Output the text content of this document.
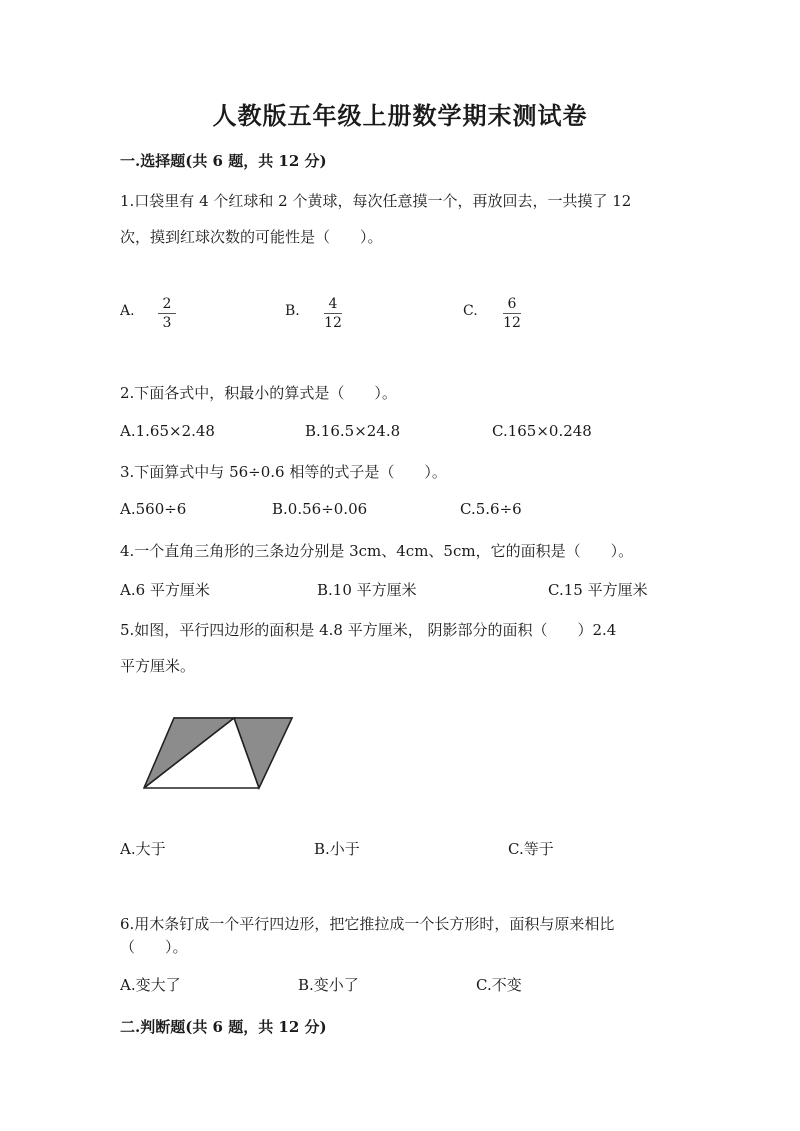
人教版五年级上册数学期末测试卷
一.选择题(共 6 题，共 12 分)
1.口袋里有 4 个红球和 2 个黄球，每次任意摸一个，再放回去，一共摸了 12
次，摸到红球次数的可能性是（　　）。
A. 2
3
B. 4
12
C. 6
12
2.下面各式中，积最小的算式是（　　）。
A.1.65×2.48	B.16.5×24.8	C.165×0.248
3.下面算式中与 56÷0.6 相等的式子是（　　）。
A.560÷6	B.0.56÷0.06	C.5.6÷6
4.一个直角三角形的三条边分别是 3cm、4cm、5cm，它的面积是（　　）。
A.6 平方厘米	B.10 平方厘米	C.15 平方厘米
5.如图，平行四边形的面积是 4.8 平方厘米， 阴影部分的面积（　　）2.4
平方厘米。
A.大于	B.小于	C.等于
6.用木条钉成一个平行四边形，把它推拉成一个长方形时，面积与原来相比
（　　）。
A.变大了	B.变小了	C.不变
二.判断题(共 6 题，共 12 分)
